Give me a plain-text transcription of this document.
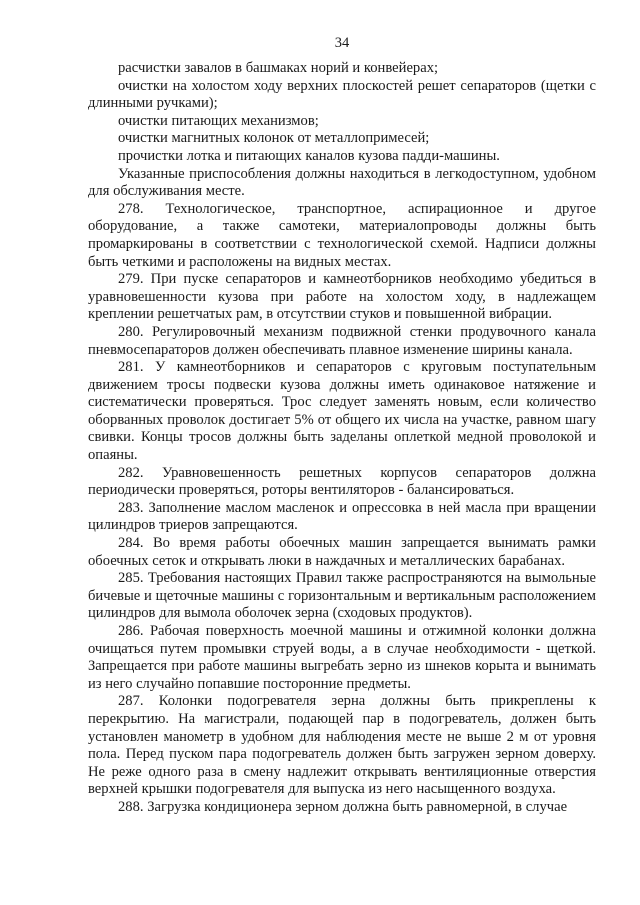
34

расчистки завалов в башмаках норий и конвейерах;

очистки на холостом ходу верхних плоскостей решет сепараторов (щетки с длинными ручками);

очистки питающих механизмов;

очистки магнитных колонок от металлопримесей;

прочистки лотка и питающих каналов кузова падди-машины.

Указанные приспособления должны находиться в легкодоступном, удобном для обслуживания месте.

278. Технологическое, транспортное, аспирационное и другое оборудование, а также самотеки, материалопроводы должны быть промаркированы в соответствии с технологической схемой. Надписи должны быть четкими и расположены на видных местах.

279. При пуске сепараторов и камнеотборников необходимо убедиться в уравновешенности кузова при работе на холостом ходу, в надлежащем креплении решетчатых рам, в отсутствии стуков и повышенной вибрации.

280. Регулировочный механизм подвижной стенки продувочного канала пневмосепараторов должен обеспечивать плавное изменение ширины канала.

281. У камнеотборников и сепараторов с круговым поступательным движением тросы подвески кузова должны иметь одинаковое натяжение и систематически проверяться. Трос следует заменять новым, если количество оборванных проволок достигает 5% от общего их числа на участке, равном шагу свивки. Концы тросов должны быть заделаны оплеткой медной проволокой и опаяны.

282. Уравновешенность решетных корпусов сепараторов должна периодически проверяться, роторы вентиляторов - балансироваться.

283. Заполнение маслом масленок и опрессовка в ней масла при вращении цилиндров триеров запрещаются.

284. Во время работы обоечных машин запрещается вынимать рамки обоечных сеток и открывать люки в наждачных и металлических барабанах.

285. Требования настоящих Правил также распространяются на вымольные бичевые и щеточные машины с горизонтальным и вертикальным расположением цилиндров для вымола оболочек зерна (сходовых продуктов).

286. Рабочая поверхность моечной машины и отжимной колонки должна очищаться путем промывки струей воды, а в случае необходимости - щеткой. Запрещается при работе машины выгребать зерно из шнеков корыта и вынимать из него случайно попавшие посторонние предметы.

287. Колонки подогревателя зерна должны быть прикреплены к перекрытию. На магистрали, подающей пар в подогреватель, должен быть установлен манометр в удобном для наблюдения месте не выше 2 м от уровня пола. Перед пуском пара подогреватель должен быть загружен зерном доверху. Не реже одного раза в смену надлежит открывать вентиляционные отверстия верхней крышки подогревателя для выпуска из него насыщенного воздуха.

288. Загрузка кондиционера зерном должна быть равномерной, в случае
